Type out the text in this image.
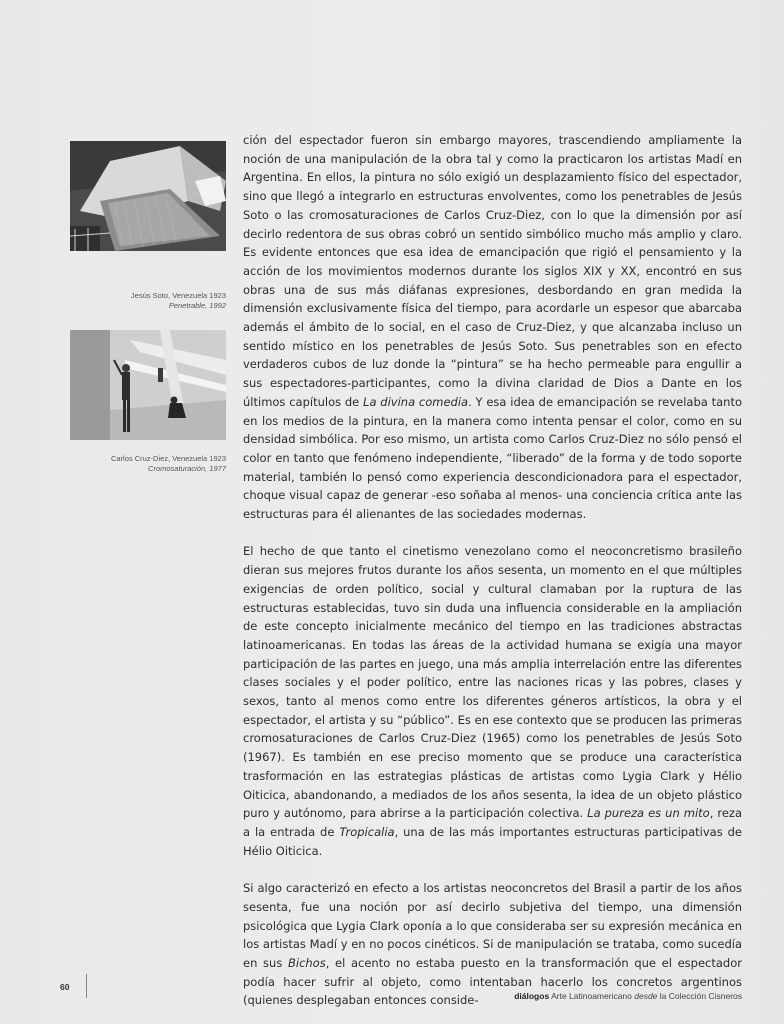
Jesús Soto, Venezuela 1923
Penetrable, 1992
Carlos Cruz-Diez, Venezuela 1923
Cromosaturación, 1977

ción del espectador fueron sin embargo mayores, trascendiendo ampliamente la noción de una manipulación de la obra tal y como la practicaron los artistas Madí en Argentina. En ellos, la pintura no sólo exigió un desplazamiento físico del espectador, sino que llegó a integrarlo en estructuras envolventes, como los penetrables de Jesús Soto o las cromosaturaciones de Carlos Cruz-Diez, con lo que la dimensión por así decirlo redentora de sus obras cobró un sentido simbólico mucho más amplio y claro. Es evidente entonces que esa idea de emancipación que rigió el pensamiento y la acción de los movimientos modernos durante los siglos XIX y XX, encontró en sus obras una de sus más diáfanas expresiones, desbordando en gran medida la dimensión exclusivamente física del tiempo, para acordarle un espesor que abarcaba además el ámbito de lo social, en el caso de Cruz-Diez, y que alcanzaba incluso un sentido místico en los penetrables de Jesús Soto. Sus penetrables son en efecto verdaderos cubos de luz donde la “pintura” se ha hecho permeable para engullir a sus espectadores-participantes, como la divina claridad de Dios a Dante en los últimos capítulos de La divina comedia. Y esa idea de emancipación se revelaba tanto en los medios de la pintura, en la manera como intenta pensar el color, como en su densidad simbólica. Por eso mismo, un artista como Carlos Cruz-Diez no sólo pensó el color en tanto que fenómeno independiente, “liberado” de la forma y de todo soporte material, también lo pensó como experiencia descondicionadora para el espectador, choque visual capaz de generar -eso soñaba al menos- una conciencia crítica ante las estructuras para él alienantes de las sociedades modernas.

El hecho de que tanto el cinetismo venezolano como el neoconcretismo brasileño dieran sus mejores frutos durante los años sesenta, un momento en el que múltiples exigencias de orden político, social y cultural clamaban por la ruptura de las estructuras establecidas, tuvo sin duda una influencia considerable en la ampliación de este concepto inicialmente mecánico del tiempo en las tradiciones abstractas latinoamericanas. En todas las áreas de la actividad humana se exigía una mayor participación de las partes en juego, una más amplia interrelación entre las diferentes clases sociales y el poder político, entre las naciones ricas y las pobres, clases y sexos, tanto al menos como entre los diferentes géneros artísticos, la obra y el espectador, el artista y su “público”. Es en ese contexto que se producen las primeras cromosaturaciones de Carlos Cruz-Diez (1965) como los penetrables de Jesús Soto (1967). Es también en ese preciso momento que se produce una característica trasformación en las estrategias plásticas de artistas como Lygia Clark y Hélio Oiticica, abandonando, a mediados de los años sesenta, la idea de un objeto plástico puro y autónomo, para abrirse a la participación colectiva. La pureza es un mito, reza a la entrada de Tropicalia, una de las más importantes estructuras participativas de Hélio Oiticica.

Si algo caracterizó en efecto a los artistas neoconcretos del Brasil a partir de los años sesenta, fue una noción por así decirlo subjetiva del tiempo, una dimensión psicológica que Lygia Clark oponía a lo que consideraba ser su expresión mecánica en los artistas Madí y en no pocos cinéticos. Si de manipulación se trataba, como sucedía en sus Bichos, el acento no estaba puesto en la transformación que el espectador podía hacer sufrir al objeto, como intentaban hacerlo los concretos argentinos (quienes desplegaban entonces conside-

60
diálogos Arte Latinoamericano desde la Colección Cisneros
